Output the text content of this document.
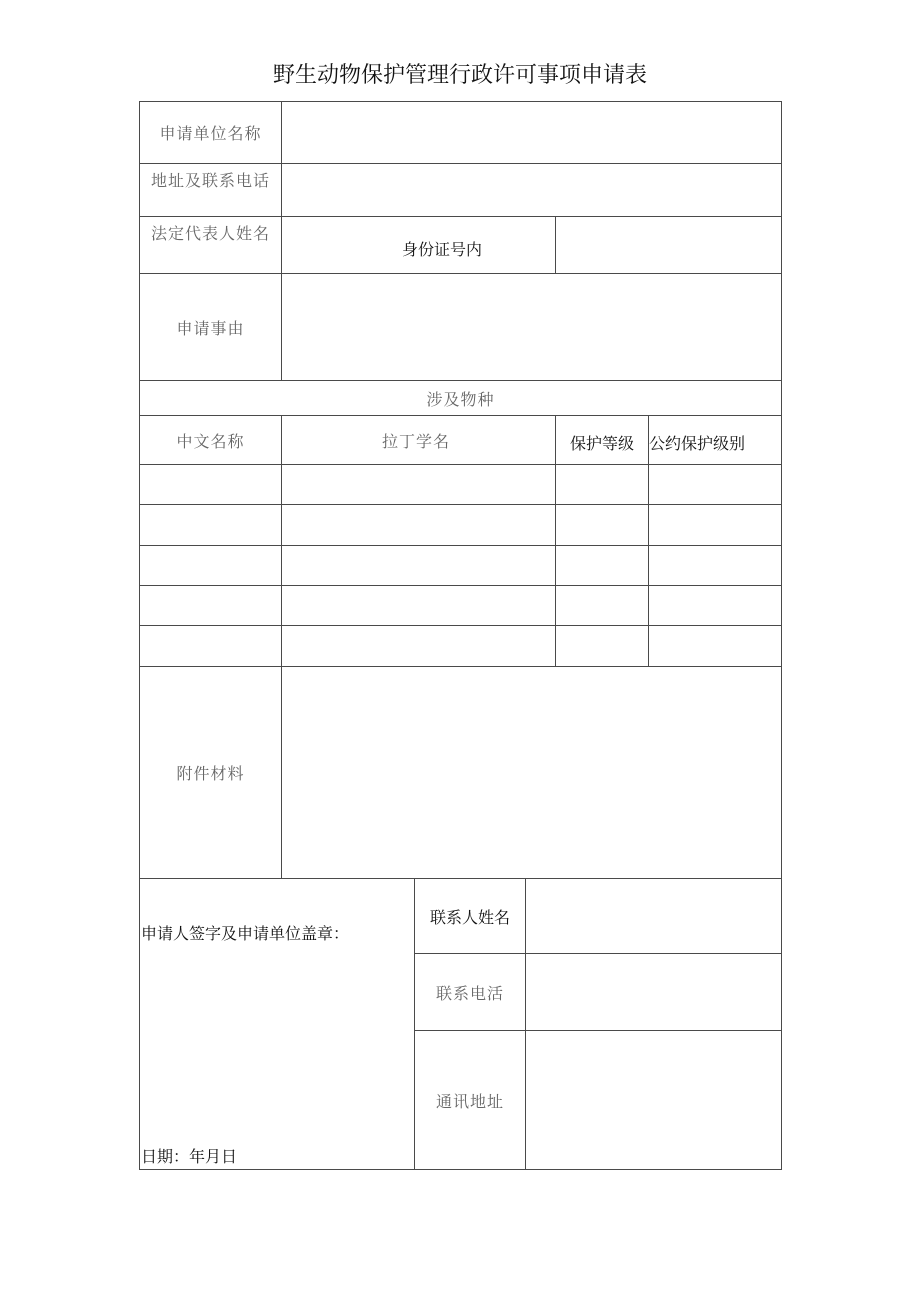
野生动物保护管理行政许可事项申请表
申请单位名称
地址及联系电话
法定代表人姓名
身份证号内
申请事由
涉及物种
中文名称	拉丁学名	保护等级 公约保护级别
附件材料
申请人签字及申请单位盖章：
日期：年月日
联系人姓名
联系电活
通讯地址
